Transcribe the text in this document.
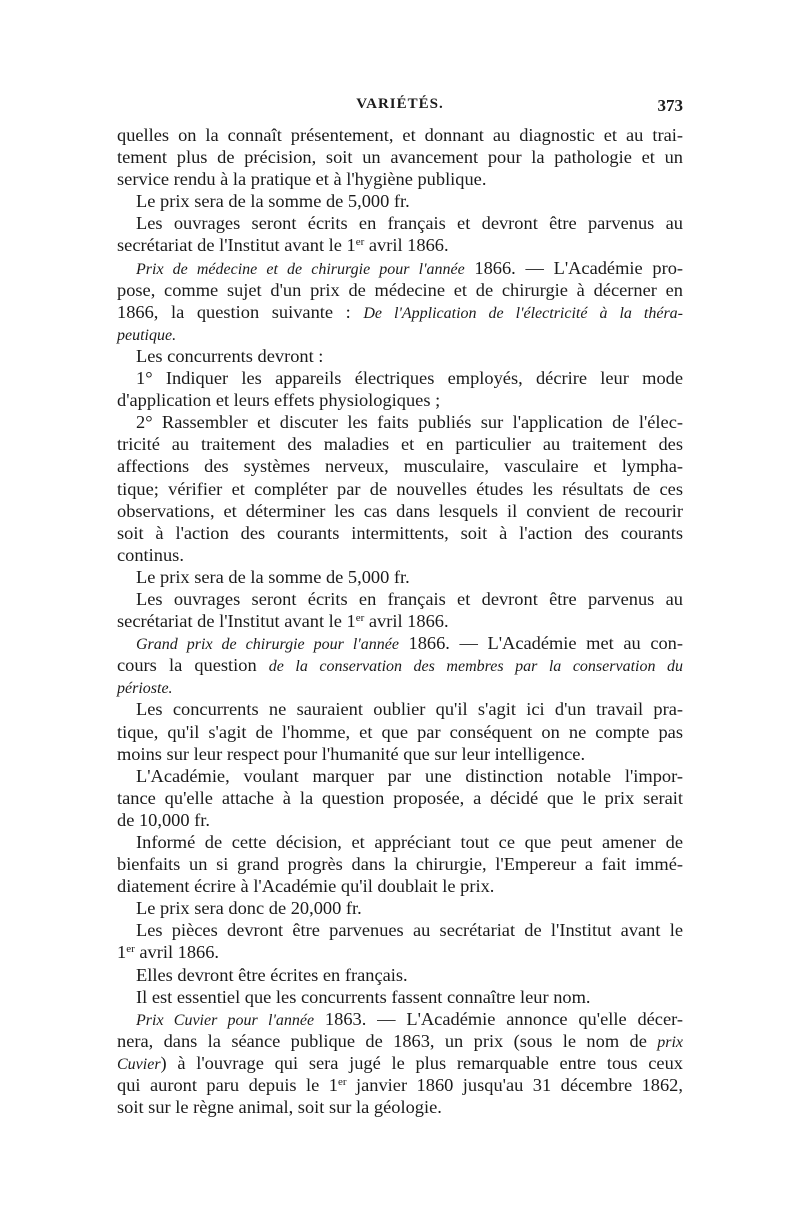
VARIÉTÉS.	373
quelles on la connaît présentement, et donnant au diagnostic et au trai-
tement plus de précision, soit un avancement pour la pathologie et un
service rendu à la pratique et à l'hygiène publique.
Le prix sera de la somme de 5,000 fr.
Les ouvrages seront écrits en français et devront être parvenus au
secrétariat de l'Institut avant le 1er avril 1866.
Prix de médecine et de chirurgie pour l'année 1866. — L'Académie pro-
pose, comme sujet d'un prix de médecine et de chirurgie à décerner en
1866, la question suivante : De l'Application de l'électricité à la théra-
peutique.
Les concurrents devront :
1° Indiquer les appareils électriques employés, décrire leur mode
d'application et leurs effets physiologiques ;
2° Rassembler et discuter les faits publiés sur l'application de l'élec-
tricité au traitement des maladies et en particulier au traitement des
affections des systèmes nerveux, musculaire, vasculaire et lympha-
tique; vérifier et compléter par de nouvelles études les résultats de ces
observations, et déterminer les cas dans lesquels il convient de recourir
soit à l'action des courants intermittents, soit à l'action des courants
continus.
Le prix sera de la somme de 5,000 fr.
Les ouvrages seront écrits en français et devront être parvenus au
secrétariat de l'Institut avant le 1er avril 1866.
Grand prix de chirurgie pour l'année 1866. — L'Académie met au con-
cours la question de la conservation des membres par la conservation du
périoste.
Les concurrents ne sauraient oublier qu'il s'agit ici d'un travail pra-
tique, qu'il s'agit de l'homme, et que par conséquent on ne compte pas
moins sur leur respect pour l'humanité que sur leur intelligence.
L'Académie, voulant marquer par une distinction notable l'impor-
tance qu'elle attache à la question proposée, a décidé que le prix serait
de 10,000 fr.
Informé de cette décision, et appréciant tout ce que peut amener de
bienfaits un si grand progrès dans la chirurgie, l'Empereur a fait immé-
diatement écrire à l'Académie qu'il doublait le prix.
Le prix sera donc de 20,000 fr.
Les pièces devront être parvenues au secrétariat de l'Institut avant le
1er avril 1866.
Elles devront être écrites en français.
Il est essentiel que les concurrents fassent connaître leur nom.
Prix Cuvier pour l'année 1863. — L'Académie annonce qu'elle décer-
nera, dans la séance publique de 1863, un prix (sous le nom de prix
Cuvier) à l'ouvrage qui sera jugé le plus remarquable entre tous ceux
qui auront paru depuis le 1er janvier 1860 jusqu'au 31 décembre 1862,
soit sur le règne animal, soit sur la géologie.
